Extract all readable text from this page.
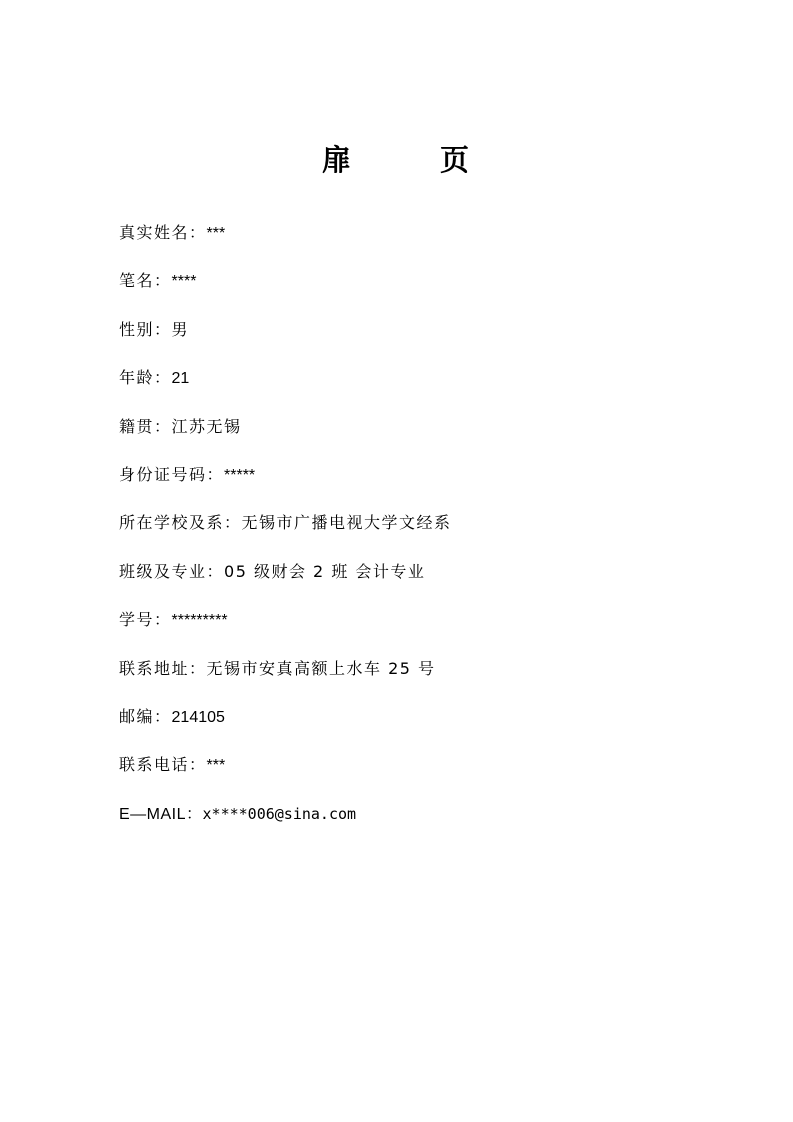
扉	页
真实姓名：***
笔名：****
性别：男
年龄：21
籍贯：江苏无锡
身份证号码：*****
所在学校及系：无锡市广播电视大学文经系
班级及专业：05 级财会 2 班 会计专业
学号：*********
联系地址：无锡市安真高额上水车 25 号
邮编：214105
联系电话：***
E—MAIL：x****006@sina.com
